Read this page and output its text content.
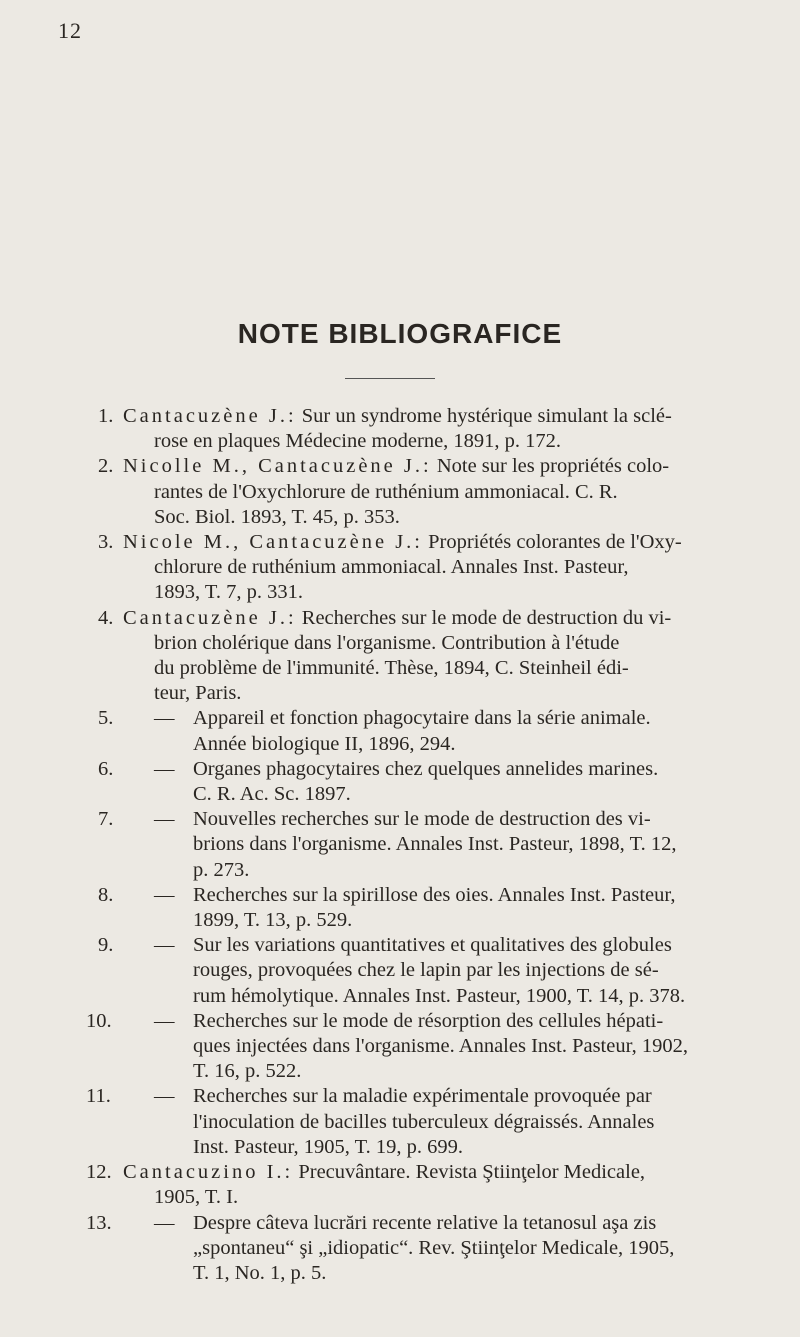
12
NOTE BIBLIOGRAFICE
1. Cantacuzène J.: Sur un syndrome hystérique simulant la sclé-
rose en plaques Médecine moderne, 1891, p. 172.
2. Nicolle M., Cantacuzène J.: Note sur les propriétés colo-
rantes de l'Oxychlorure de ruthénium ammoniacal. C. R.
Soc. Biol. 1893, T. 45, p. 353.
3. Nicole M., Cantacuzène J.: Propriétés colorantes de l'Oxy-
chlorure de ruthénium ammoniacal. Annales Inst. Pasteur,
1893, T. 7, p. 331.
4. Cantacuzène J.: Recherches sur le mode de destruction du vi-
brion cholérique dans l'organisme. Contribution à l'étude
du problème de l'immunité. Thèse, 1894, C. Steinheil édi-
teur, Paris.
5.	— Appareil et fonction phagocytaire dans la série animale.
Année biologique II, 1896, 294.
6.	— Organes phagocytaires chez quelques annelides marines.
C. R. Ac. Sc. 1897.
7.	— Nouvelles recherches sur le mode de destruction des vi-
brions dans l'organisme. Annales Inst. Pasteur, 1898, T. 12,
p. 273.
8.	— Recherches sur la spirillose des oies. Annales Inst. Pasteur,
1899, T. 13, p. 529.
9.	— Sur les variations quantitatives et qualitatives des globules
rouges, provoquées chez le lapin par les injections de sé-
rum hémolytique. Annales Inst. Pasteur, 1900, T. 14, p. 378.
10.	— Recherches sur le mode de résorption des cellules hépati-
ques injectées dans l'organisme. Annales Inst. Pasteur, 1902,
T. 16, p. 522.
11.	— Recherches sur la maladie expérimentale provoquée par
l'inoculation de bacilles tuberculeux dégraissés. Annales
Inst. Pasteur, 1905, T. 19, p. 699.
12. Cantacuzino I.: Precuvântare. Revista Ştiinţelor Medicale,
1905, T. I.
13.	— Despre câteva lucrări recente relative la tetanosul aşa zis
„spontaneu“ şi „idiopatic“. Rev. Ştiinţelor Medicale, 1905,
T. 1, No. 1, p. 5.
